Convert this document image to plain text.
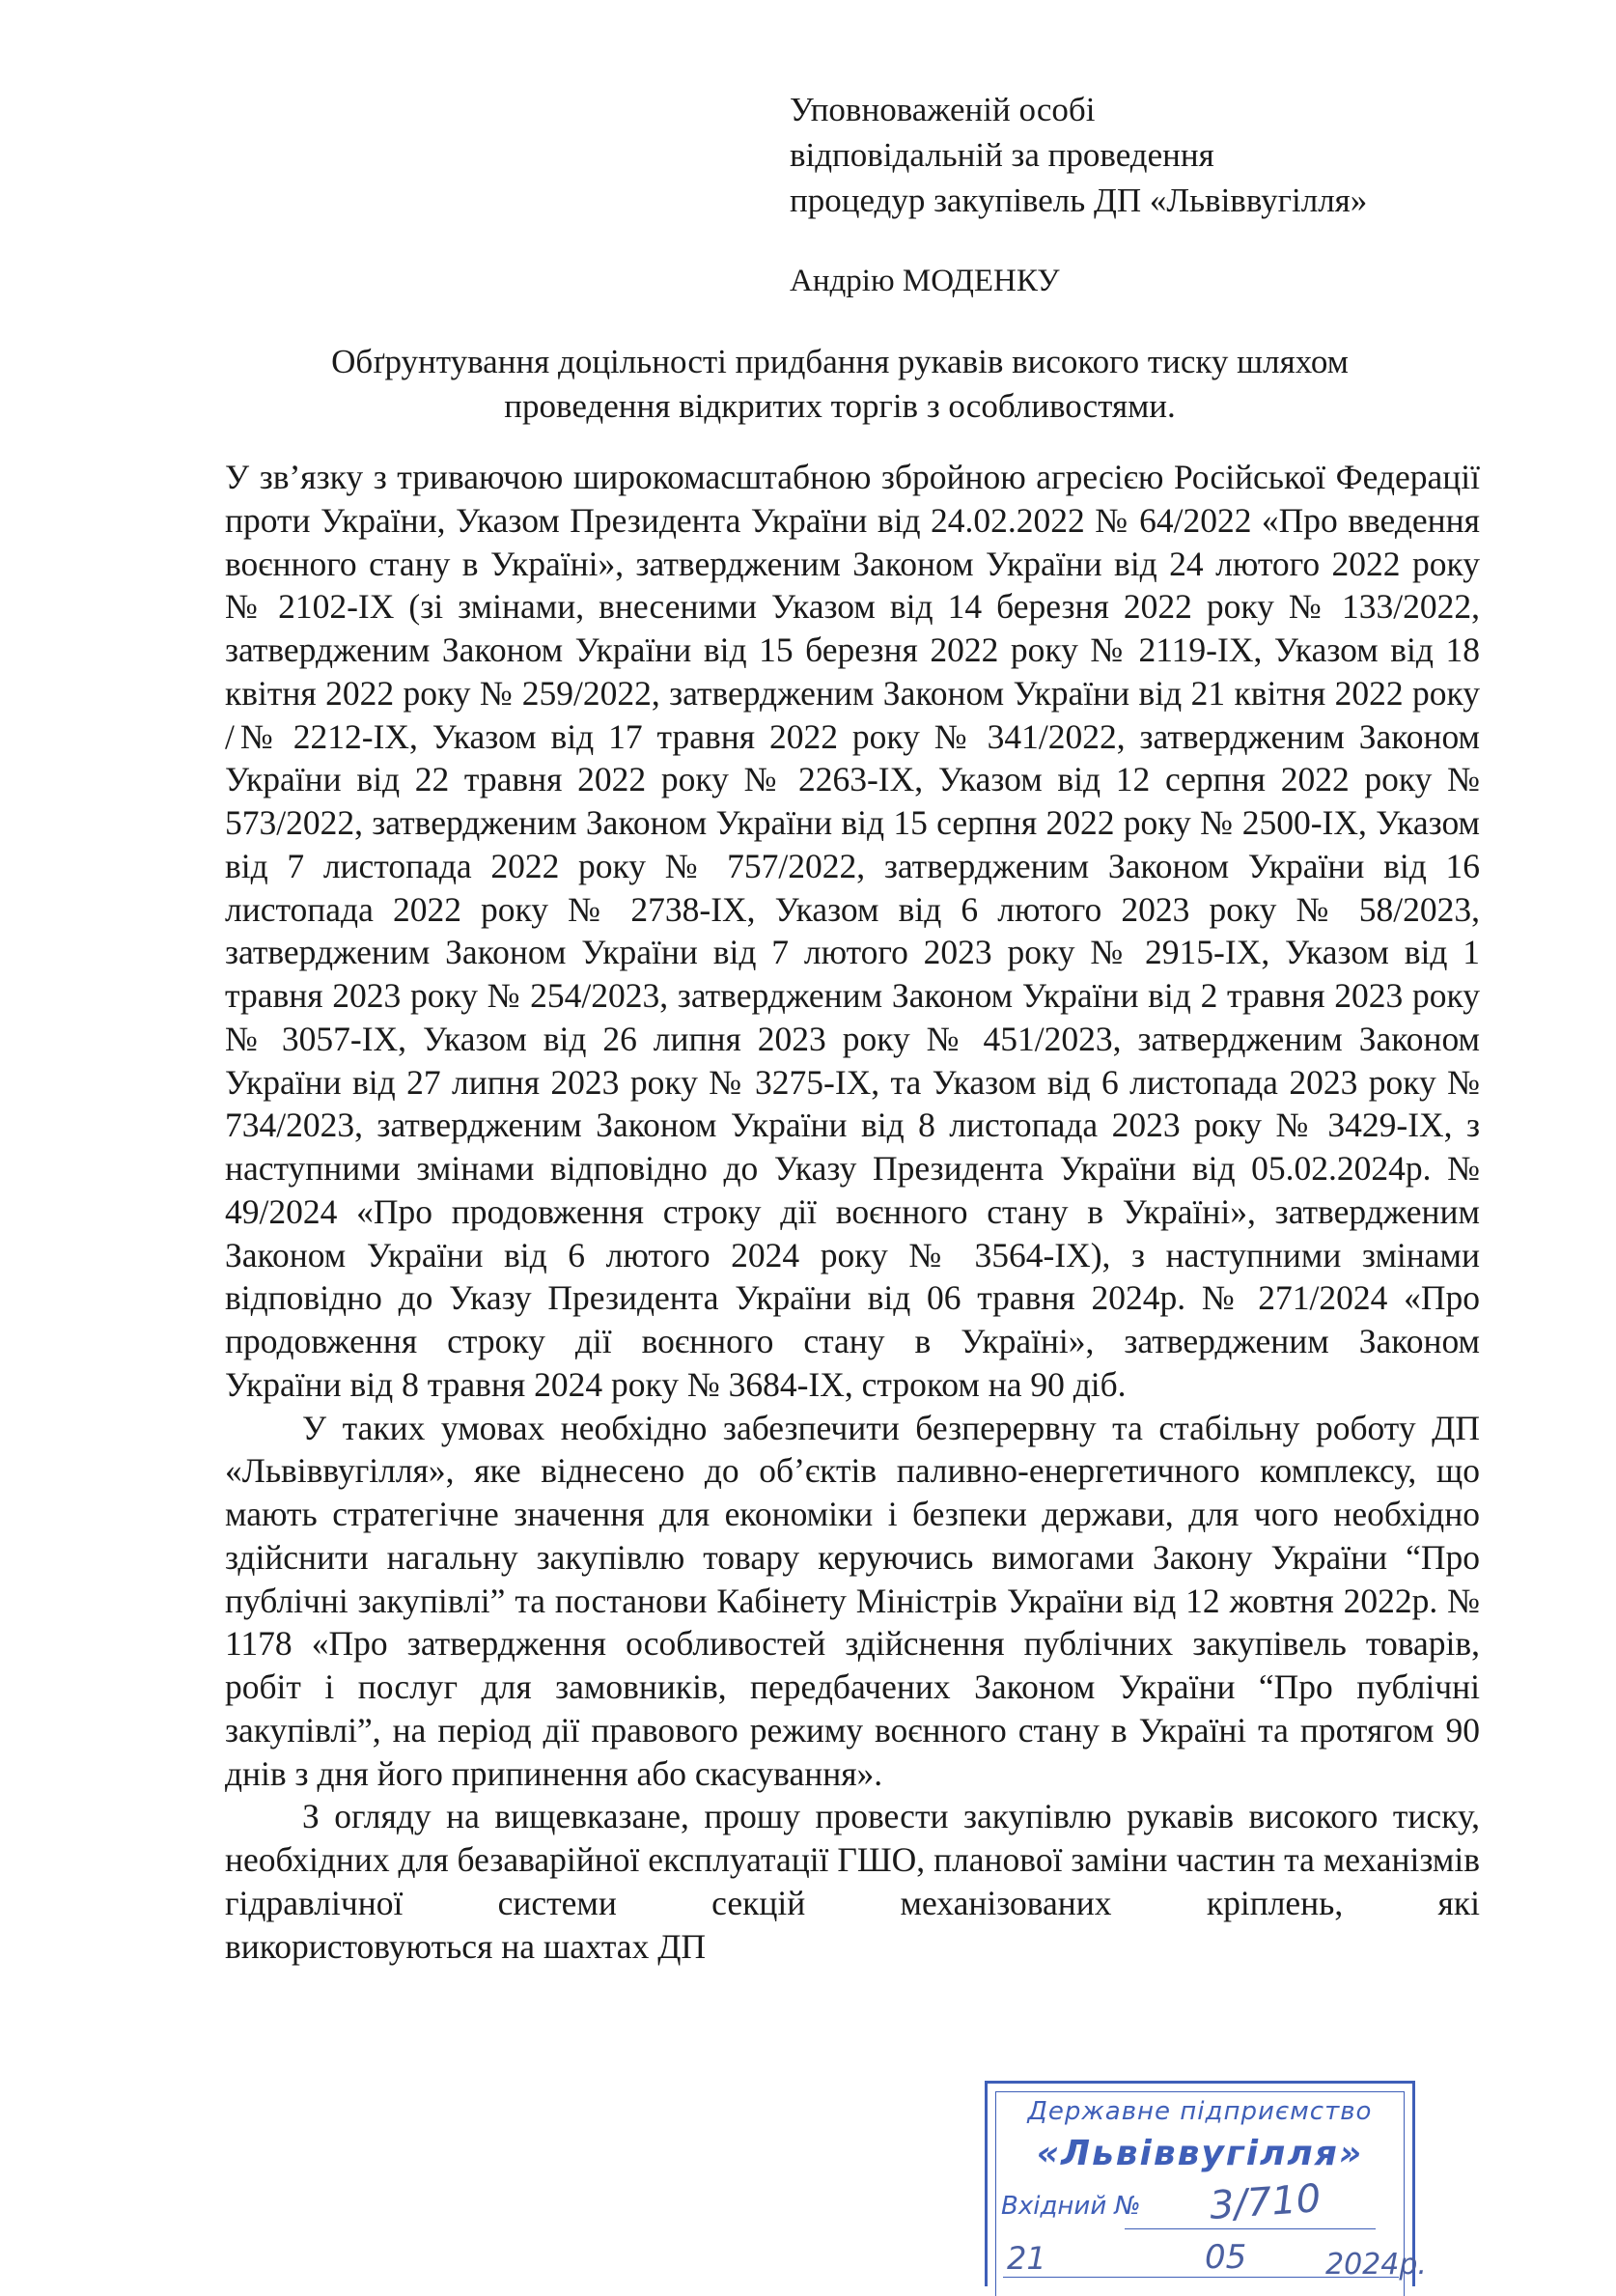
Уповноваженій особі
відповідальній за проведення
процедур закупівель ДП «Львіввугілля»
Андрію МОДЕНКУ
Обґрунтування доцільності придбання рукавів високого тиску шляхом
проведення відкритих торгів з особливостями.

У зв’язку з триваючою широкомасштабною збройною агресією Російської Федерації проти України, Указом Президента України від 24.02.2022 № 64/2022 «Про введення воєнного стану в Україні», затвердженим Законом України від 24 лютого 2022 року № 2102-IX (зі змінами, внесеними Указом від 14 березня 2022 року № 133/2022, затвердженим Законом України від 15 березня 2022 року № 2119-IX, Указом від 18 квітня 2022 року № 259/2022, затвердженим Законом України від 21 квітня 2022 року /№ 2212-IX, Указом від 17 травня 2022 року № 341/2022, затвердженим Законом України від 22 травня 2022 року № 2263-IX, Указом від 12 серпня 2022 року № 573/2022, затвердженим Законом України від 15 серпня 2022 року № 2500-IX, Указом від 7 листопада 2022 року № 757/2022, затвердженим Законом України від 16 листопада 2022 року № 2738-IX, Указом від 6 лютого 2023 року № 58/2023, затвердженим Законом України від 7 лютого 2023 року № 2915-IX, Указом від 1 травня 2023 року № 254/2023, затвердженим Законом України від 2 травня 2023 року № 3057-IX, Указом від 26 липня 2023 року № 451/2023, затвердженим Законом України від 27 липня 2023 року № 3275-IX, та Указом від 6 листопада 2023 року № 734/2023, затвердженим Законом України від 8 листопада 2023 року № 3429-IX, з наступними змінами відповідно до Указу Президента України від 05.02.2024р. № 49/2024 «Про продовження строку дії воєнного стану в Україні», затвердженим Законом України від 6 лютого 2024 року № 3564-IX), з наступними змінами відповідно до Указу Президента України від 06 травня 2024р. № 271/2024 «Про продовження строку дії воєнного стану в Україні», затвердженим Законом України від 8 травня 2024 року № 3684-IX, строком на 90 діб.

У таких умовах необхідно забезпечити безперервну та стабільну роботу ДП «Львіввугілля», яке віднесено до об’єктів паливно-енергетичного комплексу, що мають стратегічне значення для економіки і безпеки держави, для чого необхідно здійснити нагальну закупівлю товару керуючись вимогами Закону України “Про публічні закупівлі” та постанови Кабінету Міністрів України від 12 жовтня 2022р. № 1178 «Про затвердження особливостей здійснення публічних закупівель товарів, робіт і послуг для замовників, передбачених Законом України “Про публічні закупівлі”, на період дії правового режиму воєнного стану в Україні та протягом 90 днів з дня його припинення або скасування».

З огляду на вищевказане, прошу провести закупівлю рукавів високого тиску, необхідних для безаварійної експлуатації ГШО, планової заміни частин та механізмів гідравлічної системи секцій механізованих кріплень, які використовуються на шахтах ДП

Державне підприємство
«Львіввугілля»
Вхідний № 3/710
21	05	2024р.
